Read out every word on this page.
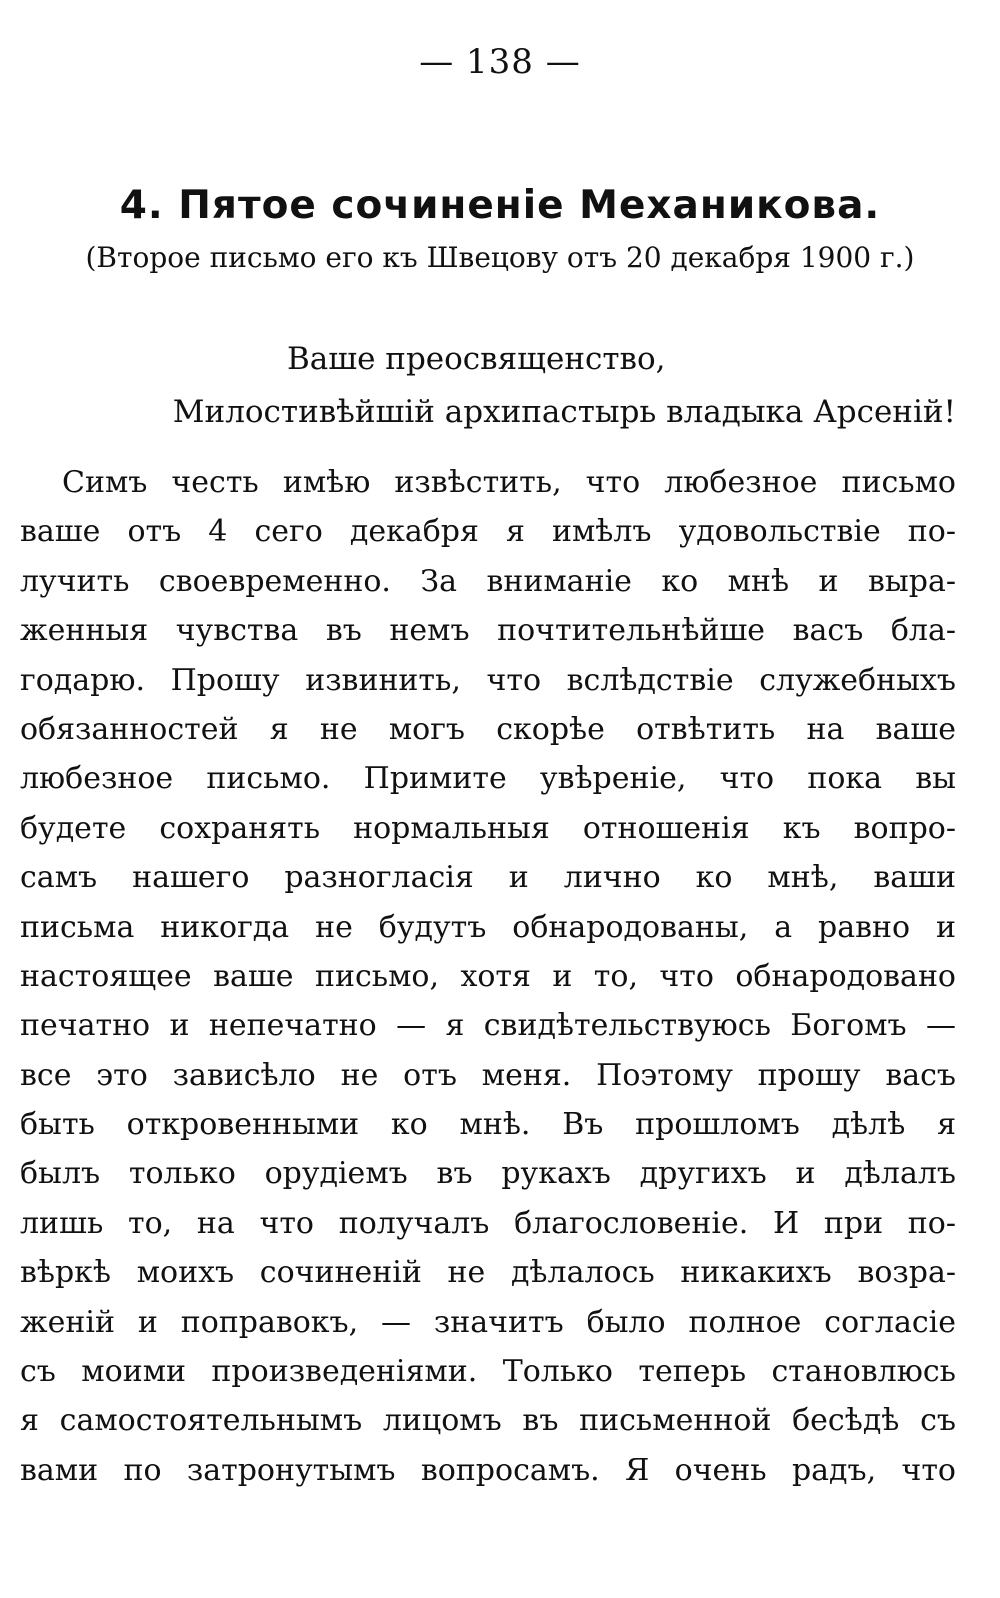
— 138 —
4. Пятое сочиненіе Механикова.
(Второе письмо его къ Швецову отъ 20 декабря 1900 г.)
Ваше преосвященство,
Милостивѣйшій архипастырь владыка Арсеній!
Симъ честь имѣю извѣстить, что любезное письмо
ваше отъ 4 сего декабря я имѣлъ удовольствіе по-
лучить своевременно. За вниманіе ко мнѣ и выра-
женныя чувства въ немъ почтительнѣйше васъ бла-
годарю. Прошу извинить, что вслѣдствіе служебныхъ
обязанностей я не могъ скорѣе отвѣтить на ваше
любезное письмо. Примите увѣреніе, что пока вы
будете сохранять нормальныя отношенія къ вопро-
самъ нашего разногласія и лично ко мнѣ, ваши
письма никогда не будутъ обнародованы, а равно и
настоящее ваше письмо, хотя и то, что обнародовано
печатно и непечатно — я свидѣтельствуюсь Богомъ —
все это зависѣло не отъ меня. Поэтому прошу васъ
быть откровенными ко мнѣ. Въ прошломъ дѣлѣ я
былъ только орудіемъ въ рукахъ другихъ и дѣлалъ
лишь то, на что получалъ благословеніе. И при по-
вѣркѣ моихъ сочиненій не дѣлалось никакихъ возра-
женій и поправокъ, — значитъ было полное согласіе
съ моими произведеніями. Только теперь становлюсь
я самостоятельнымъ лицомъ въ письменной бесѣдѣ съ
вами по затронутымъ вопросамъ. Я очень радъ, что
